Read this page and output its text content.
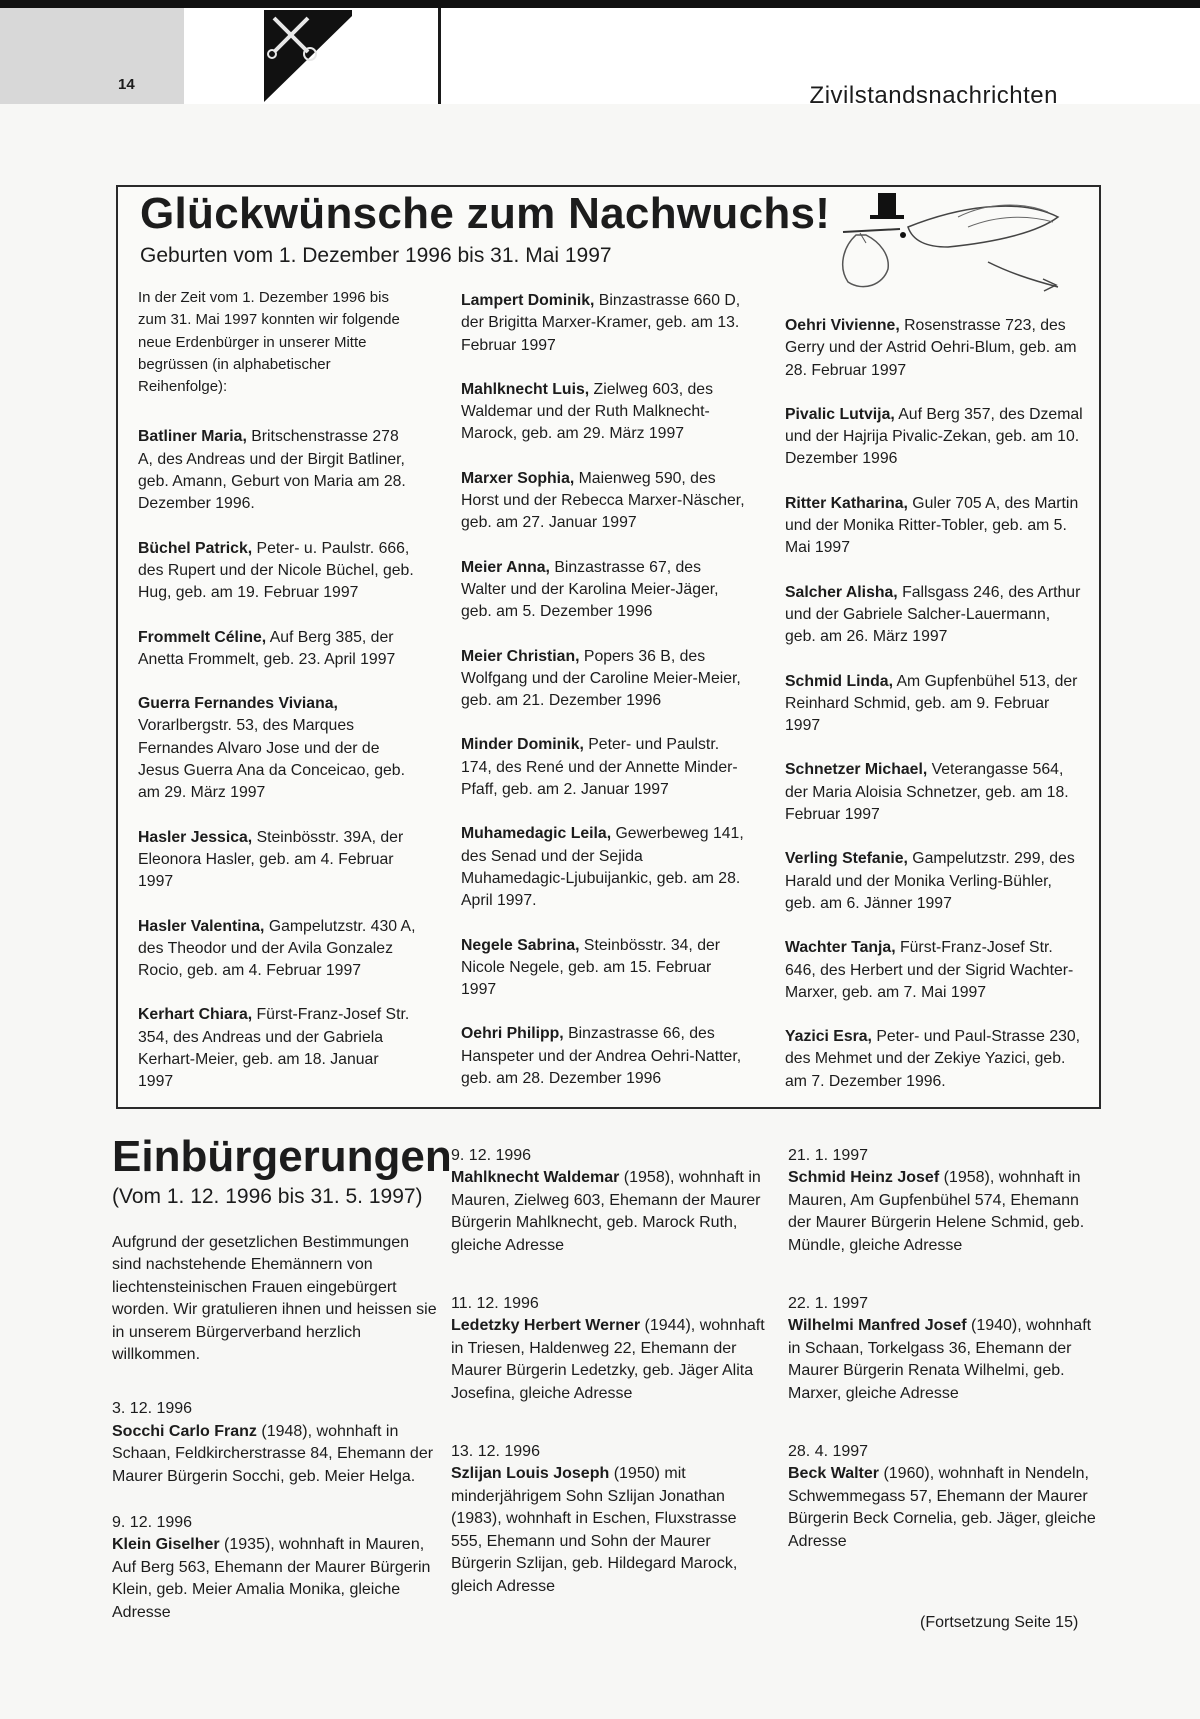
14	Zivilstandsnachrichten
Glückwünsche zum Nachwuchs!
Geburten vom 1. Dezember 1996 bis 31. Mai 1997

In der Zeit vom 1. Dezember 1996 bis zum 31. Mai 1997 konnten wir folgende neue Erdenbürger in unserer Mitte begrüssen (in alphabetischer Reihenfolge):

Batliner Maria, Britschenstrasse 278 A, des Andreas und der Birgit Batliner, geb. Amann, Geburt von Maria am 28. Dezember 1996.

Büchel Patrick, Peter- u. Paulstr. 666, des Rupert und der Nicole Büchel, geb. Hug, geb. am 19. Februar 1997

Frommelt Céline, Auf Berg 385, der Anetta Frommelt, geb. 23. April 1997

Guerra Fernandes Viviana, Vorarlbergstr. 53, des Marques Fernandes Alvaro Jose und der de Jesus Guerra Ana da Conceicao, geb. am 29. März 1997

Hasler Jessica, Steinbösstr. 39A, der Eleonora Hasler, geb. am 4. Februar 1997

Hasler Valentina, Gampelutzstr. 430 A, des Theodor und der Avila Gonzalez Rocio, geb. am 4. Februar 1997

Kerhart Chiara, Fürst-Franz-Josef Str. 354, des Andreas und der Gabriela Kerhart-Meier, geb. am 18. Januar 1997

Lampert Dominik, Binzastrasse 660 D, der Brigitta Marxer-Kramer, geb. am 13. Februar 1997

Mahlknecht Luis, Zielweg 603, des Waldemar und der Ruth Malknecht-Marock, geb. am 29. März 1997

Marxer Sophia, Maienweg 590, des Horst und der Rebecca Marxer-Näscher, geb. am 27. Januar 1997

Meier Anna, Binzastrasse 67, des Walter und der Karolina Meier-Jäger, geb. am 5. Dezember 1996

Meier Christian, Popers 36 B, des Wolfgang und der Caroline Meier-Meier, geb. am 21. Dezember 1996

Minder Dominik, Peter- und Paulstr. 174, des René und der Annette Minder-Pfaff, geb. am 2. Januar 1997

Muhamedagic Leila, Gewerbeweg 141, des Senad und der Sejida Muhamedagic-Ljubuijankic, geb. am 28. April 1997.

Negele Sabrina, Steinbösstr. 34, der Nicole Negele, geb. am 15. Februar 1997

Oehri Philipp, Binzastrasse 66, des Hanspeter und der Andrea Oehri-Natter, geb. am 28. Dezember 1996

Oehri Vivienne, Rosenstrasse 723, des Gerry und der Astrid Oehri-Blum, geb. am 28. Februar 1997

Pivalic Lutvija, Auf Berg 357, des Dzemal und der Hajrija Pivalic-Zekan, geb. am 10. Dezember 1996

Ritter Katharina, Guler 705 A, des Martin und der Monika Ritter-Tobler, geb. am 5. Mai 1997

Salcher Alisha, Fallsgass 246, des Arthur und der Gabriele Salcher-Lauermann, geb. am 26. März 1997

Schmid Linda, Am Gupfenbühel 513, der Reinhard Schmid, geb. am 9. Februar 1997

Schnetzer Michael, Veterangasse 564, der Maria Aloisia Schnetzer, geb. am 18. Februar 1997

Verling Stefanie, Gampelutzstr. 299, des Harald und der Monika Verling-Bühler, geb. am 6. Jänner 1997

Wachter Tanja, Fürst-Franz-Josef Str. 646, des Herbert und der Sigrid Wachter-Marxer, geb. am 7. Mai 1997

Yazici Esra, Peter- und Paul-Strasse 230, des Mehmet und der Zekiye Yazici, geb. am 7. Dezember 1996.

Einbürgerungen
(Vom 1. 12. 1996 bis 31. 5. 1997)

Aufgrund der gesetzlichen Bestimmungen sind nachstehende Ehemännern von liechtensteinischen Frauen eingebürgert worden. Wir gratulieren ihnen und heissen sie in unserem Bürgerverband herzlich willkommen.

3. 12. 1996
Socchi Carlo Franz (1948), wohnhaft in Schaan, Feldkircherstrasse 84, Ehemann der Maurer Bürgerin Socchi, geb. Meier Helga.

9. 12. 1996
Klein Giselher (1935), wohnhaft in Mauren, Auf Berg 563, Ehemann der Maurer Bürgerin Klein, geb. Meier Amalia Monika, gleiche Adresse

9. 12. 1996
Mahlknecht Waldemar (1958), wohnhaft in Mauren, Zielweg 603, Ehemann der Maurer Bürgerin Mahlknecht, geb. Marock Ruth, gleiche Adresse

11. 12. 1996
Ledetzky Herbert Werner (1944), wohnhaft in Triesen, Haldenweg 22, Ehemann der Maurer Bürgerin Ledetzky, geb. Jäger Alita Josefina, gleiche Adresse

13. 12. 1996
Szlijan Louis Joseph (1950) mit minderjährigem Sohn Szlijan Jonathan (1983), wohnhaft in Eschen, Fluxstrasse 555, Ehemann und Sohn der Maurer Bürgerin Szlijan, geb. Hildegard Marock, gleich Adresse

21. 1. 1997
Schmid Heinz Josef (1958), wohnhaft in Mauren, Am Gupfenbühel 574, Ehemann der Maurer Bürgerin Helene Schmid, geb. Mündle, gleiche Adresse

22. 1. 1997
Wilhelmi Manfred Josef (1940), wohnhaft in Schaan, Torkelgass 36, Ehemann der Maurer Bürgerin Renata Wilhelmi, geb. Marxer, gleiche Adresse

28. 4. 1997
Beck Walter (1960), wohnhaft in Nendeln, Schwemmegass 57, Ehemann der Maurer Bürgerin Beck Cornelia, geb. Jäger, gleiche Adresse

(Fortsetzung Seite 15)
